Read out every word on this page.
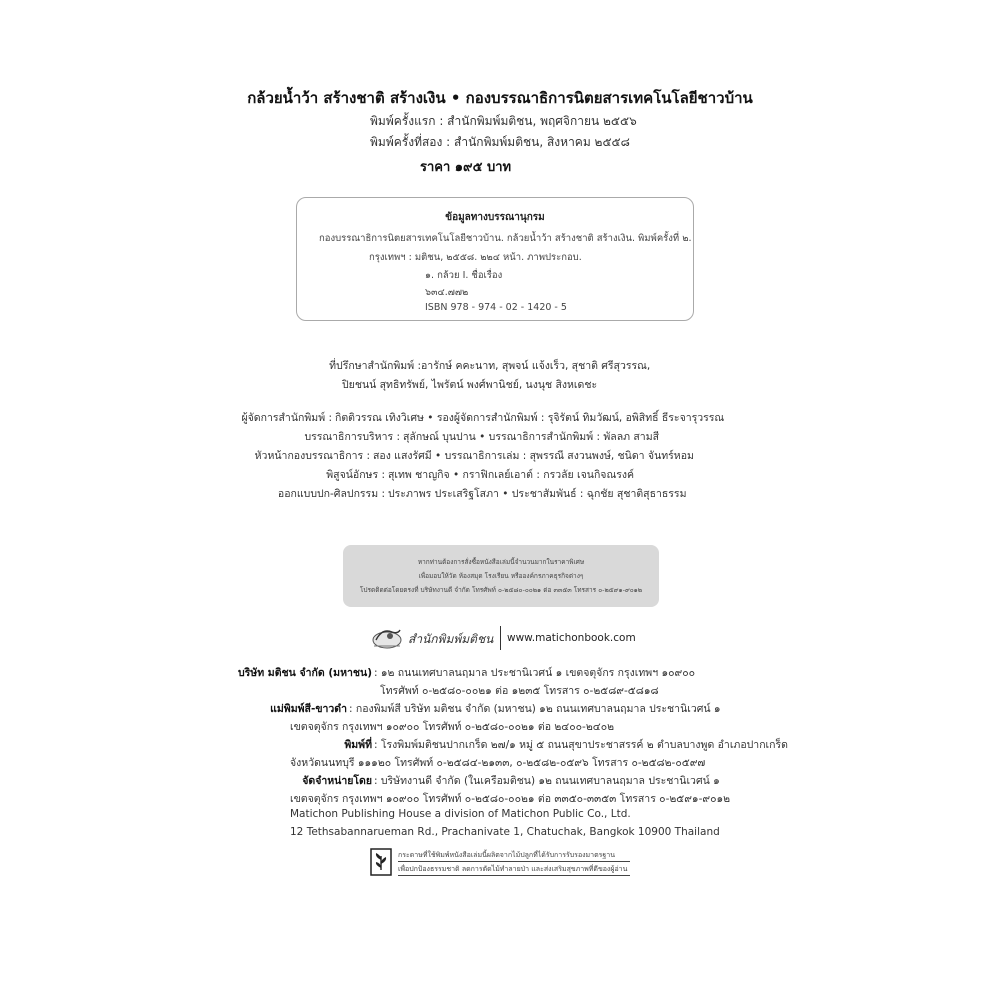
กล้วยน้ำว้า สร้างชาติ สร้างเงิน • กองบรรณาธิการนิตยสารเทคโนโลยีชาวบ้าน
พิมพ์ครั้งแรก : สำนักพิมพ์มติชน, พฤศจิกายน ๒๕๕๖
พิมพ์ครั้งที่สอง : สำนักพิมพ์มติชน, สิงหาคม ๒๕๕๘
ราคา ๑๙๕ บาท
ข้อมูลทางบรรณานุกรม
กองบรรณาธิการนิตยสารเทคโนโลยีชาวบ้าน. กล้วยน้ำว้า สร้างชาติ สร้างเงิน. พิมพ์ครั้งที่ ๒.
กรุงเทพฯ : มติชน, ๒๕๕๘. ๒๒๔ หน้า. ภาพประกอบ.
๑. กล้วย I. ชื่อเรื่อง
๖๓๔.๗๗๒
ISBN 978 - 974 - 02 - 1420 - 5
ที่ปรึกษาสำนักพิมพ์ : อารักษ์ คคะนาท, สุพจน์ แจ้งเร็ว, สุชาติ ศรีสุวรรณ,
ปิยชนน์ สุทธิทรัพย์, ไพรัตน์ พงศ์พานิชย์, นงนุช สิงหเดชะ
ผู้จัดการสำนักพิมพ์ : กิตติวรรณ เทิงวิเศษ • รองผู้จัดการสำนักพิมพ์ : รุจิรัตน์ ทิมวัฒน์, อพิสิทธิ์ ธีระจารุวรรณ
บรรณาธิการบริหาร : สุลักษณ์ บุนปาน • บรรณาธิการสำนักพิมพ์ : พัลลภ สามสี
หัวหน้ากองบรรณาธิการ : สอง แสงรัศมี • บรรณาธิการเล่ม : สุพรรณี สงวนพงษ์, ชนิดา จันทร์หอม
พิสูจน์อักษร : สุเทพ ชาญกิจ • กราฟิกเลย์เอาต์ : กรวลัย เจนกิจณรงค์
ออกแบบปก-ศิลปกรรม : ประภาพร ประเสริฐโสภา • ประชาสัมพันธ์ : ฉุกชัย สุชาติสุธาธรรม
หากท่านต้องการสั่งซื้อหนังสือเล่มนี้จำนวนมากในราคาพิเศษ
เพื่อมอบให้วัด ห้องสมุด โรงเรียน หรือองค์กรภาคธุรกิจต่างๆ
โปรดติดต่อโดยตรงที่ บริษัทงานดี จำกัด โทรศัพท์ ๐-๒๕๘๐-๐๐๒๑ ต่อ ๓๓๕๓ โทรสาร ๐-๒๕๙๑-๙๐๑๒
สำนักพิมพ์มติชน www.matichonbook.com
บริษัท มติชน จำกัด (มหาชน) : ๑๒ ถนนเทศบาลนฤมาล ประชานิเวศน์ ๑ เขตจตุจักร กรุงเทพฯ ๑๐๙๐๐
โทรศัพท์ ๐-๒๕๘๐-๐๐๒๑ ต่อ ๑๒๓๕ โทรสาร ๐-๒๕๘๙-๕๘๑๘
แม่พิมพ์สี-ขาวดำ : กองพิมพ์สี บริษัท มติชน จำกัด (มหาชน) ๑๒ ถนนเทศบาลนฤมาล ประชานิเวศน์ ๑
เขตจตุจักร กรุงเทพฯ ๑๐๙๐๐ โทรศัพท์ ๐-๒๕๘๐-๐๐๒๑ ต่อ ๒๔๐๐-๒๔๐๒
พิมพ์ที่ : โรงพิมพ์มติชนปากเกร็ด ๒๗/๑ หมู่ ๕ ถนนสุขาประชาสรรค์ ๒ ตำบลบางพูด อำเภอปากเกร็ด
จังหวัดนนทบุรี ๑๑๑๒๐ โทรศัพท์ ๐-๒๕๘๔-๒๑๓๓, ๐-๒๕๘๒-๐๕๙๖ โทรสาร ๐-๒๕๘๒-๐๕๙๗
จัดจำหน่ายโดย : บริษัทงานดี จำกัด (ในเครือมติชน) ๑๒ ถนนเทศบาลนฤมาล ประชานิเวศน์ ๑
เขตจตุจักร กรุงเทพฯ ๑๐๙๐๐ โทรศัพท์ ๐-๒๕๘๐-๐๐๒๑ ต่อ ๓๓๕๐-๓๓๕๓ โทรสาร ๐-๒๕๙๑-๙๐๑๒
Matichon Publishing House a division of Matichon Public Co., Ltd.
12 Tethsabannarueman Rd., Prachanivate 1, Chatuchak, Bangkok 10900 Thailand
กระดาษที่ใช้พิมพ์หนังสือเล่มนี้ผลิตจากไม้ปลูกที่ได้รับการรับรองมาตรฐาน
เพื่อปกป้องธรรมชาติ ลดการตัดไม้ทำลายป่า และส่งเสริมสุขภาพที่ดีของผู้อ่าน
